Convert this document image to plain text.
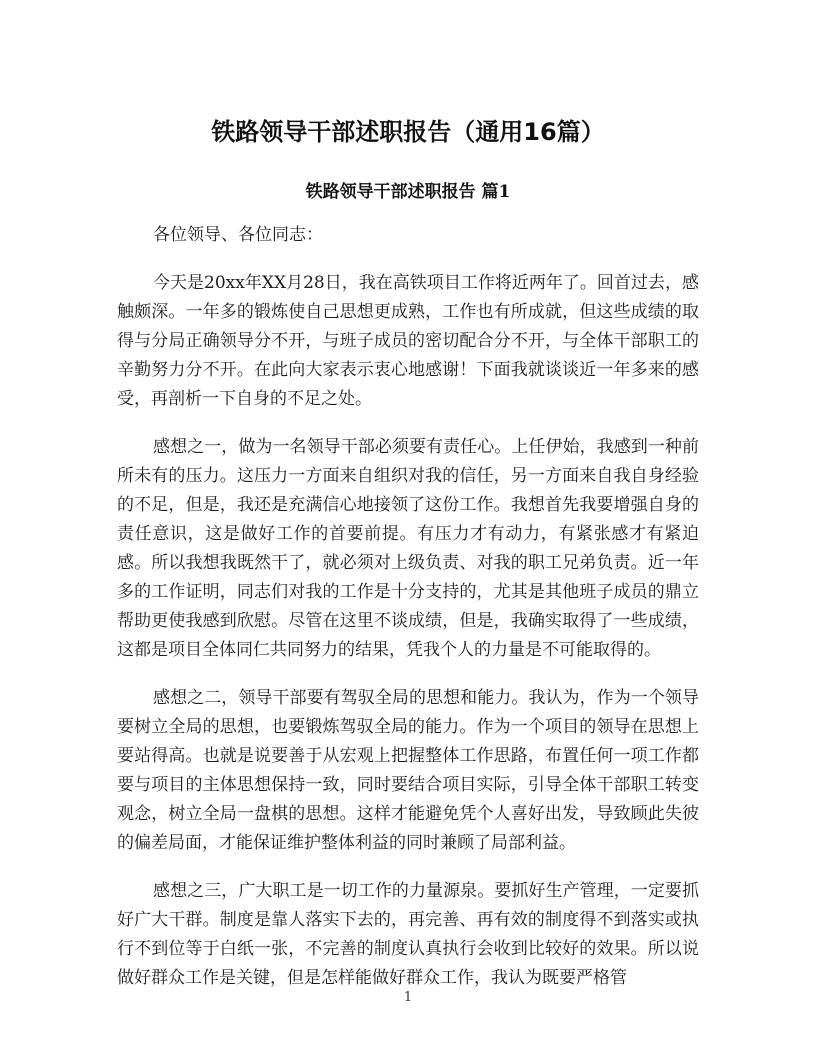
铁路领导干部述职报告（通用16篇）
铁路领导干部述职报告 篇1

各位领导、各位同志：

今天是20xx年XX月28日，我在高铁项目工作将近两年了。回首过去，感触颇深。一年多的锻炼使自己思想更成熟，工作也有所成就，但这些成绩的取得与分局正确领导分不开，与班子成员的密切配合分不开，与全体干部职工的辛勤努力分不开。在此向大家表示衷心地感谢！下面我就谈谈近一年多来的感受，再剖析一下自身的不足之处。

感想之一，做为一名领导干部必须要有责任心。上任伊始，我感到一种前所未有的压力。这压力一方面来自组织对我的信任，另一方面来自我自身经验的不足，但是，我还是充满信心地接领了这份工作。我想首先我要增强自身的责任意识，这是做好工作的首要前提。有压力才有动力，有紧张感才有紧迫感。所以我想我既然干了，就必须对上级负责、对我的职工兄弟负责。近一年多的工作证明，同志们对我的工作是十分支持的，尤其是其他班子成员的鼎立帮助更使我感到欣慰。尽管在这里不谈成绩，但是，我确实取得了一些成绩，这都是项目全体同仁共同努力的结果，凭我个人的力量是不可能取得的。

感想之二，领导干部要有驾驭全局的思想和能力。我认为，作为一个领导要树立全局的思想，也要锻炼驾驭全局的能力。作为一个项目的领导在思想上要站得高。也就是说要善于从宏观上把握整体工作思路，布置任何一项工作都要与项目的主体思想保持一致，同时要结合项目实际，引导全体干部职工转变观念，树立全局一盘棋的思想。这样才能避免凭个人喜好出发，导致顾此失彼的偏差局面，才能保证维护整体利益的同时兼顾了局部利益。

感想之三，广大职工是一切工作的力量源泉。要抓好生产管理，一定要抓好广大干群。制度是靠人落实下去的，再完善、再有效的制度得不到落实或执行不到位等于白纸一张，不完善的制度认真执行会收到比较好的效果。所以说做好群众工作是关键，但是怎样能做好群众工作，我认为既要严格管

1
